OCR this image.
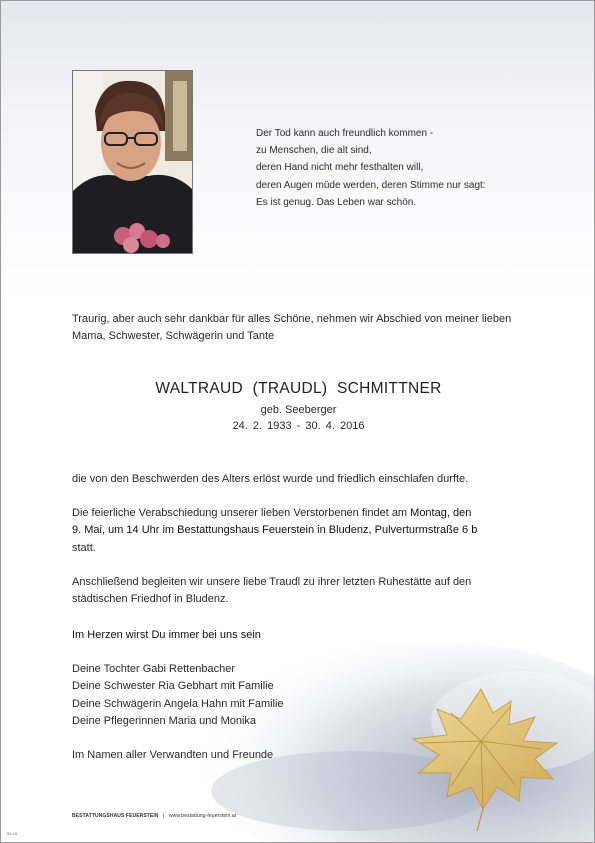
Der Tod kann auch freundlich kommen -
zu Menschen, die alt sind,
deren Hand nicht mehr festhalten will,
deren Augen müde werden, deren Stimme nur sagt:
Es ist genug. Das Leben war schön.
Traurig, aber auch sehr dankbar für alles Schöne, nehmen wir Abschied von meiner lieben Mama, Schwester, Schwägerin und Tante
WALTRAUD (TRAUDL) SCHMITTNER
geb. Seeberger
24. 2. 1933 - 30. 4. 2016
die von den Beschwerden des Alters erlöst wurde und friedlich einschlafen durfte.
Die feierliche Verabschiedung unserer lieben Verstorbenen findet am Montag, den
9. Mai, um 14 Uhr im Bestattungshaus Feuerstein in Bludenz, Pulverturmstraße 6 b
statt.
Anschließend begleiten wir unsere liebe Traudl zu ihrer letzten Ruhestätte auf den
städtischen Friedhof in Bludenz.
Im Herzen wirst Du immer bei uns sein
Deine Tochter Gabi Rettenbacher
Deine Schwester Ria Gebhart mit Familie
Deine Schwägerin Angela Hahn mit Familie
Deine Pflegerinnen Maria und Monika
Im Namen aller Verwandten und Freunde
BESTATTUNGSHAUS FEUERSTEIN | www.bestattung-feuerstein.at
02 19
